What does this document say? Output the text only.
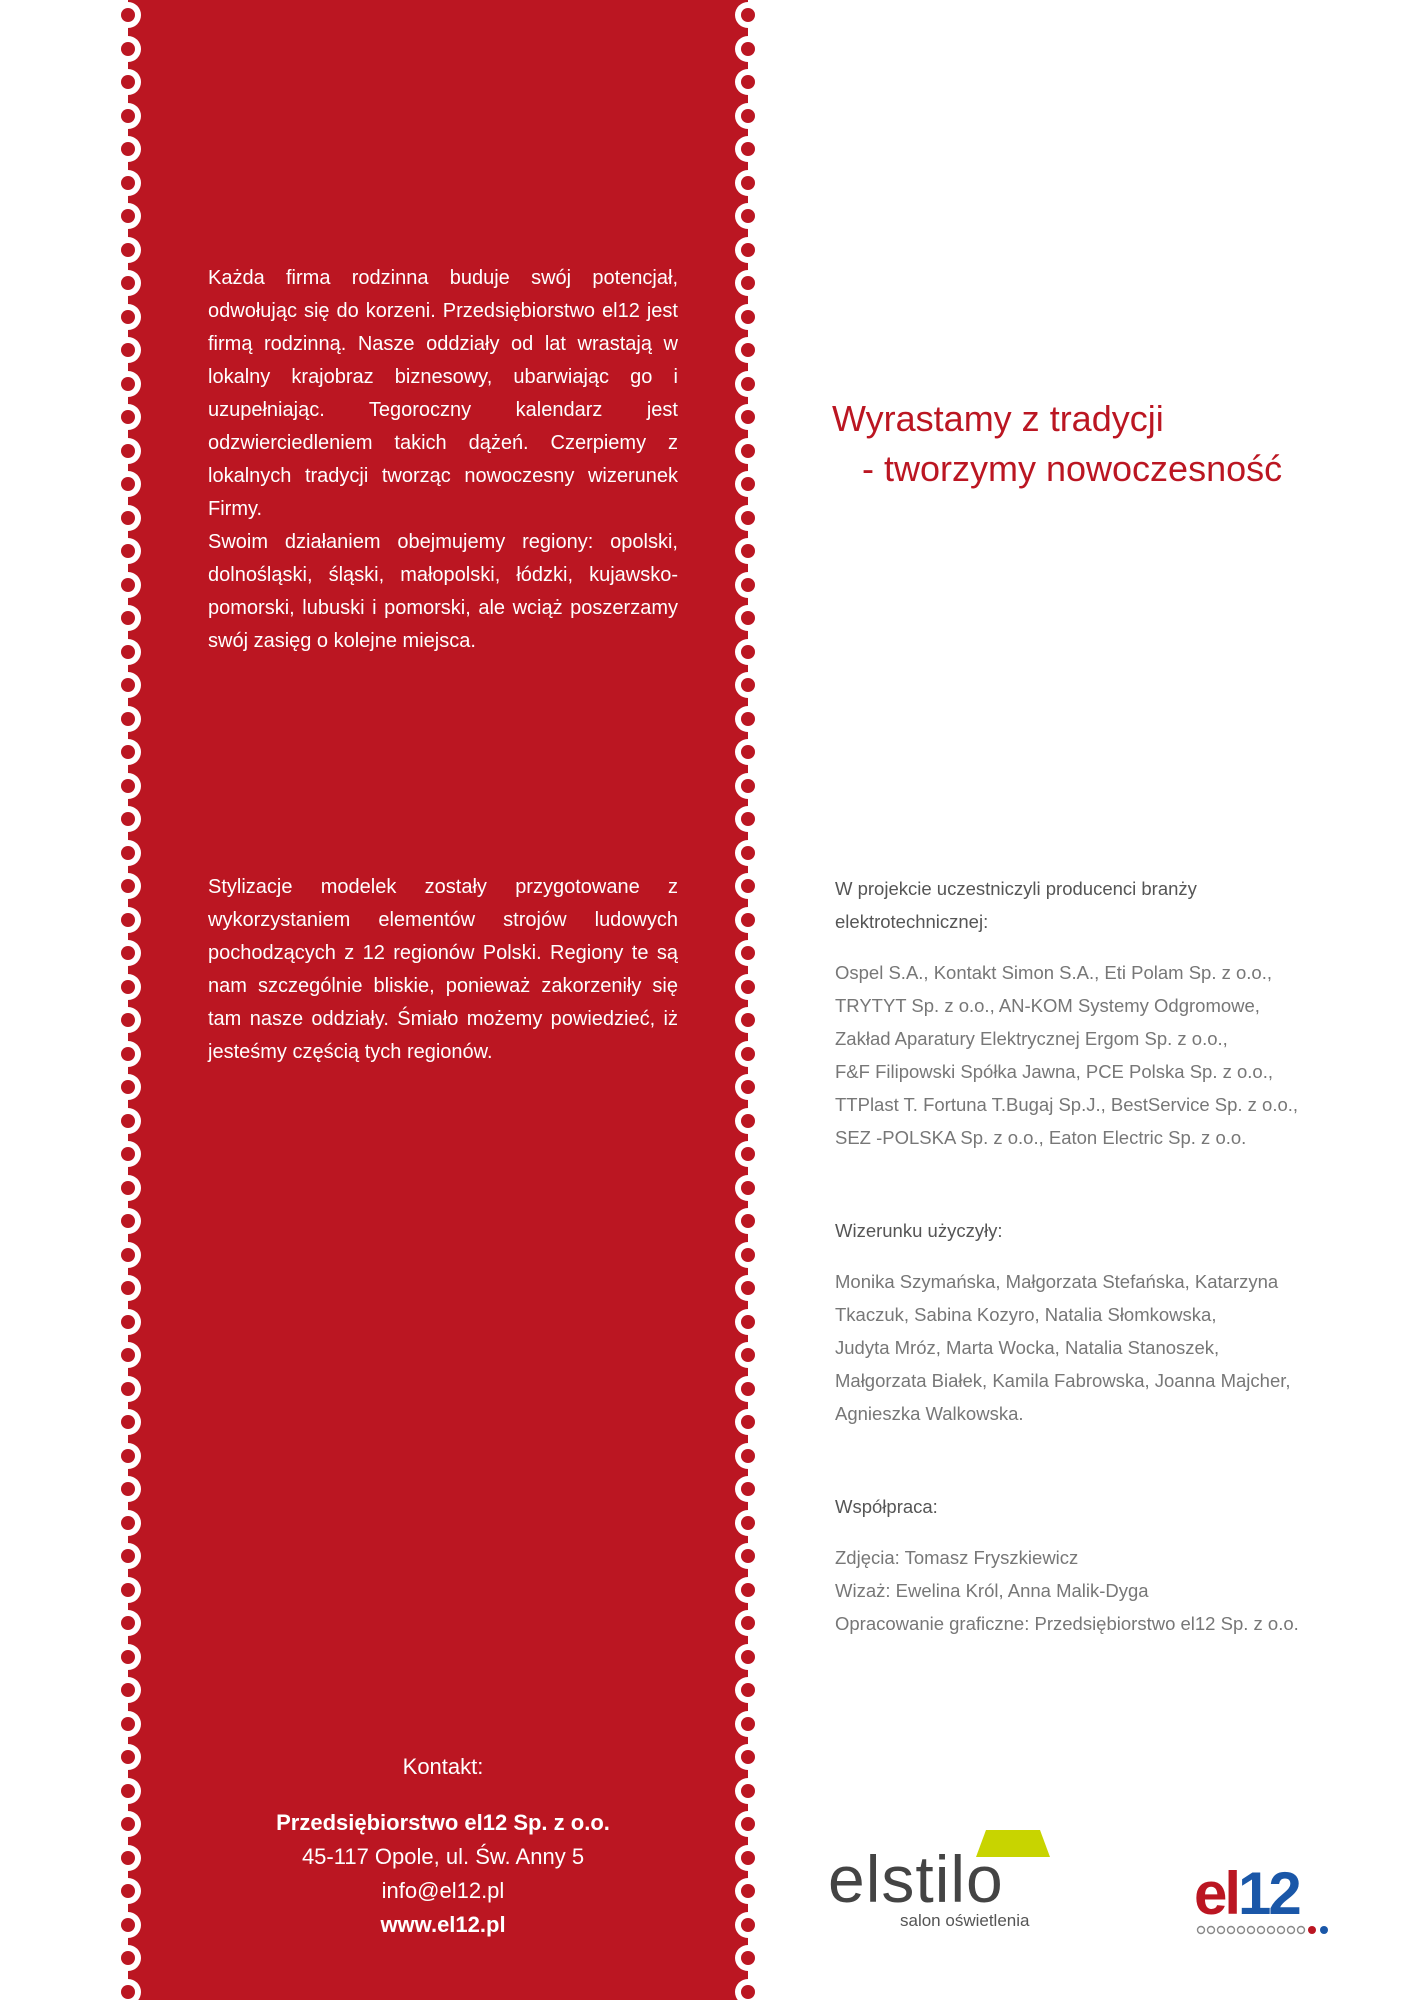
Każda firma rodzinna buduje swój potencjał, odwołując się do korzeni. Przedsiębiorstwo el12 jest firmą rodzinną. Nasze oddziały od lat wrastają w lokalny krajobraz biznesowy, ubarwiając go i uzupełniając. Tegoroczny kalendarz jest odzwierciedleniem takich dążeń. Czerpiemy z lokalnych tradycji tworząc nowoczesny wizerunek Firmy.

Swoim działaniem obejmujemy regiony: opolski, dolnośląski, śląski, małopolski, łódzki, kujawsko-pomorski, lubuski i pomorski, ale wciąż poszerzamy swój zasięg o kolejne miejsca.

Stylizacje modelek zostały przygotowane z wykorzystaniem elementów strojów ludowych pochodzących z 12 regionów Polski. Regiony te są nam szczególnie bliskie, ponieważ zakorzeniły się tam nasze oddziały. Śmiało możemy powiedzieć, iż jesteśmy częścią tych regionów.

Kontakt:
Przedsiębiorstwo el12 Sp. z o.o.
45-117 Opole, ul. Św. Anny 5
info@el12.pl
www.el12.pl
Wyrastamy z tradycji
- tworzymy nowoczesność
W projekcie uczestniczyli producenci branży
elektrotechnicznej:
Ospel S.A., Kontakt Simon S.A., Eti Polam Sp. z o.o.,
TRYTYT Sp. z o.o., AN-KOM Systemy Odgromowe,
Zakład Aparatury Elektrycznej Ergom Sp. z o.o.,
F&F Filipowski Spółka Jawna, PCE Polska Sp. z o.o.,
TTPlast T. Fortuna T.Bugaj Sp.J., BestService Sp. z o.o.,
SEZ -POLSKA Sp. z o.o., Eaton Electric Sp. z o.o.
Wizerunku użyczyły:
Monika Szymańska, Małgorzata Stefańska, Katarzyna
Tkaczuk, Sabina Kozyro, Natalia Słomkowska,
Judyta Mróz, Marta Wocka, Natalia Stanoszek,
Małgorzata Białek, Kamila Fabrowska, Joanna Majcher,
Agnieszka Walkowska.
Współpraca:
Zdjęcia: Tomasz Fryszkiewicz
Wizaż: Ewelina Król, Anna Malik-Dyga
Opracowanie graficzne: Przedsiębiorstwo el12 Sp. z o.o.
elstilo
salon oświetlenia	el12
